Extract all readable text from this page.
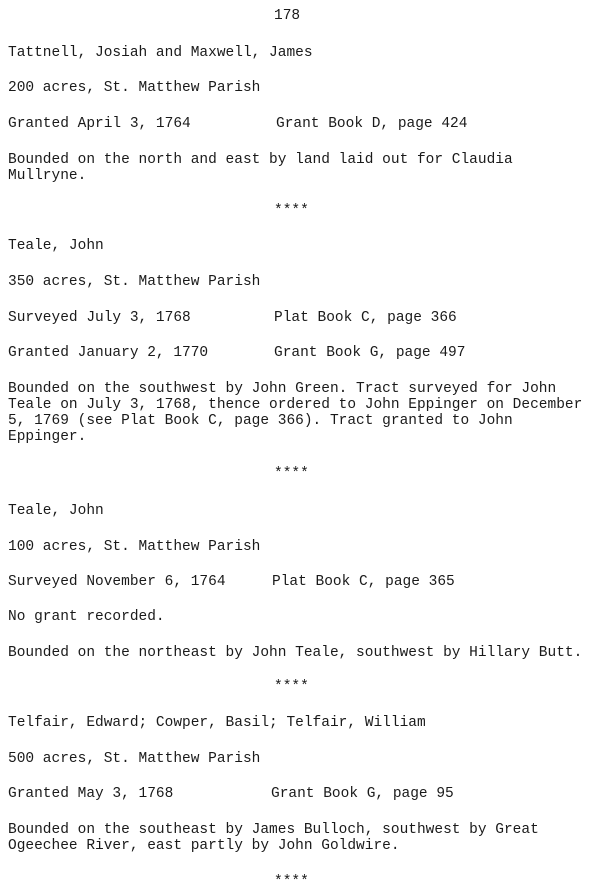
178
Tattnell, Josiah and Maxwell, James
200 acres, St. Matthew Parish
Granted April 3, 1764	Grant Book D, page 424
Bounded on the north and east by land laid out for Claudia Mullryne.
****
Teale, John
350 acres, St. Matthew Parish
Surveyed July 3, 1768	Plat Book C, page 366
Granted January 2, 1770	Grant Book G, page 497
Bounded on the southwest by John Green. Tract surveyed for John Teale on July 3, 1768, thence ordered to John Eppinger on December 5, 1769 (see Plat Book C, page 366). Tract granted to John Eppinger.
****
Teale, John
100 acres, St. Matthew Parish
Surveyed November 6, 1764	Plat Book C, page 365
No grant recorded.
Bounded on the northeast by John Teale, southwest by Hillary Butt.
****
Telfair, Edward; Cowper, Basil; Telfair, William
500 acres, St. Matthew Parish
Granted May 3, 1768	Grant Book G, page 95
Bounded on the southeast by James Bulloch, southwest by Great Ogeechee River, east partly by John Goldwire.
****
